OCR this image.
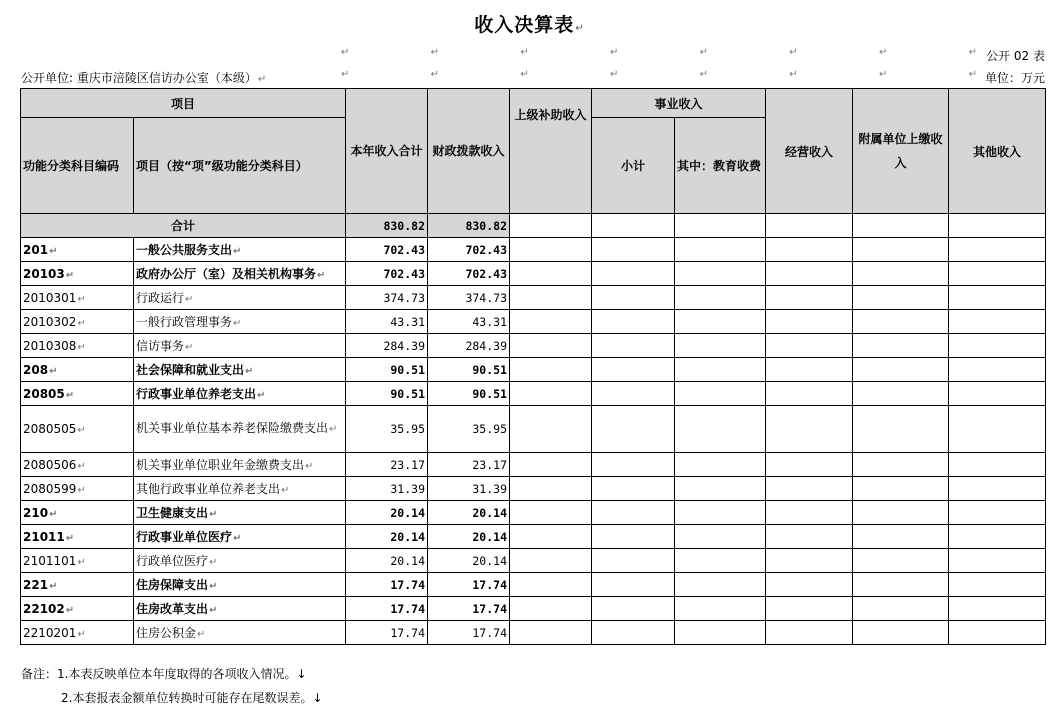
收入决算表↵
↵	↵	↵	↵	↵	↵	↵	↵ 公开 02 表
公开单位: 重庆市涪陵区信访办公室（本级）↵	↵	↵	↵	↵	↵	↵	↵	↵ 单位：万元
项目		本年收入合计	财政拨款收入	上级补助收入	事业收入		经营收入	附属单位上缴收入	其他收入
功能分类科目编码	项目（按“项”级功能分类科目）				小计	其中：教育收费			
合计		830.82	830.82						
201↵	一般公共服务支出↵	702.43	702.43						
20103↵	政府办公厅（室）及相关机构事务↵	702.43	702.43						
2010301↵	行政运行↵	374.73	374.73						
2010302↵	一般行政管理事务↵	43.31	43.31						
2010308↵	信访事务↵	284.39	284.39						
208↵	社会保障和就业支出↵	90.51	90.51						
20805↵	行政事业单位养老支出↵	90.51	90.51						
2080505↵	机关事业单位基本养老保险缴费支出↵	35.95	35.95						
2080506↵	机关事业单位职业年金缴费支出↵	23.17	23.17						
2080599↵	其他行政事业单位养老支出↵	31.39	31.39						
210↵	卫生健康支出↵	20.14	20.14						
21011↵	行政事业单位医疗↵	20.14	20.14						
2101101↵	行政单位医疗↵	20.14	20.14						
221↵	住房保障支出↵	17.74	17.74						
22102↵	住房改革支出↵	17.74	17.74						
2210201↵	住房公积金↵	17.74	17.74						
备注：1.本表反映单位本年度取得的各项收入情况。↓
2.本套报表金额单位转换时可能存在尾数误差。↓
